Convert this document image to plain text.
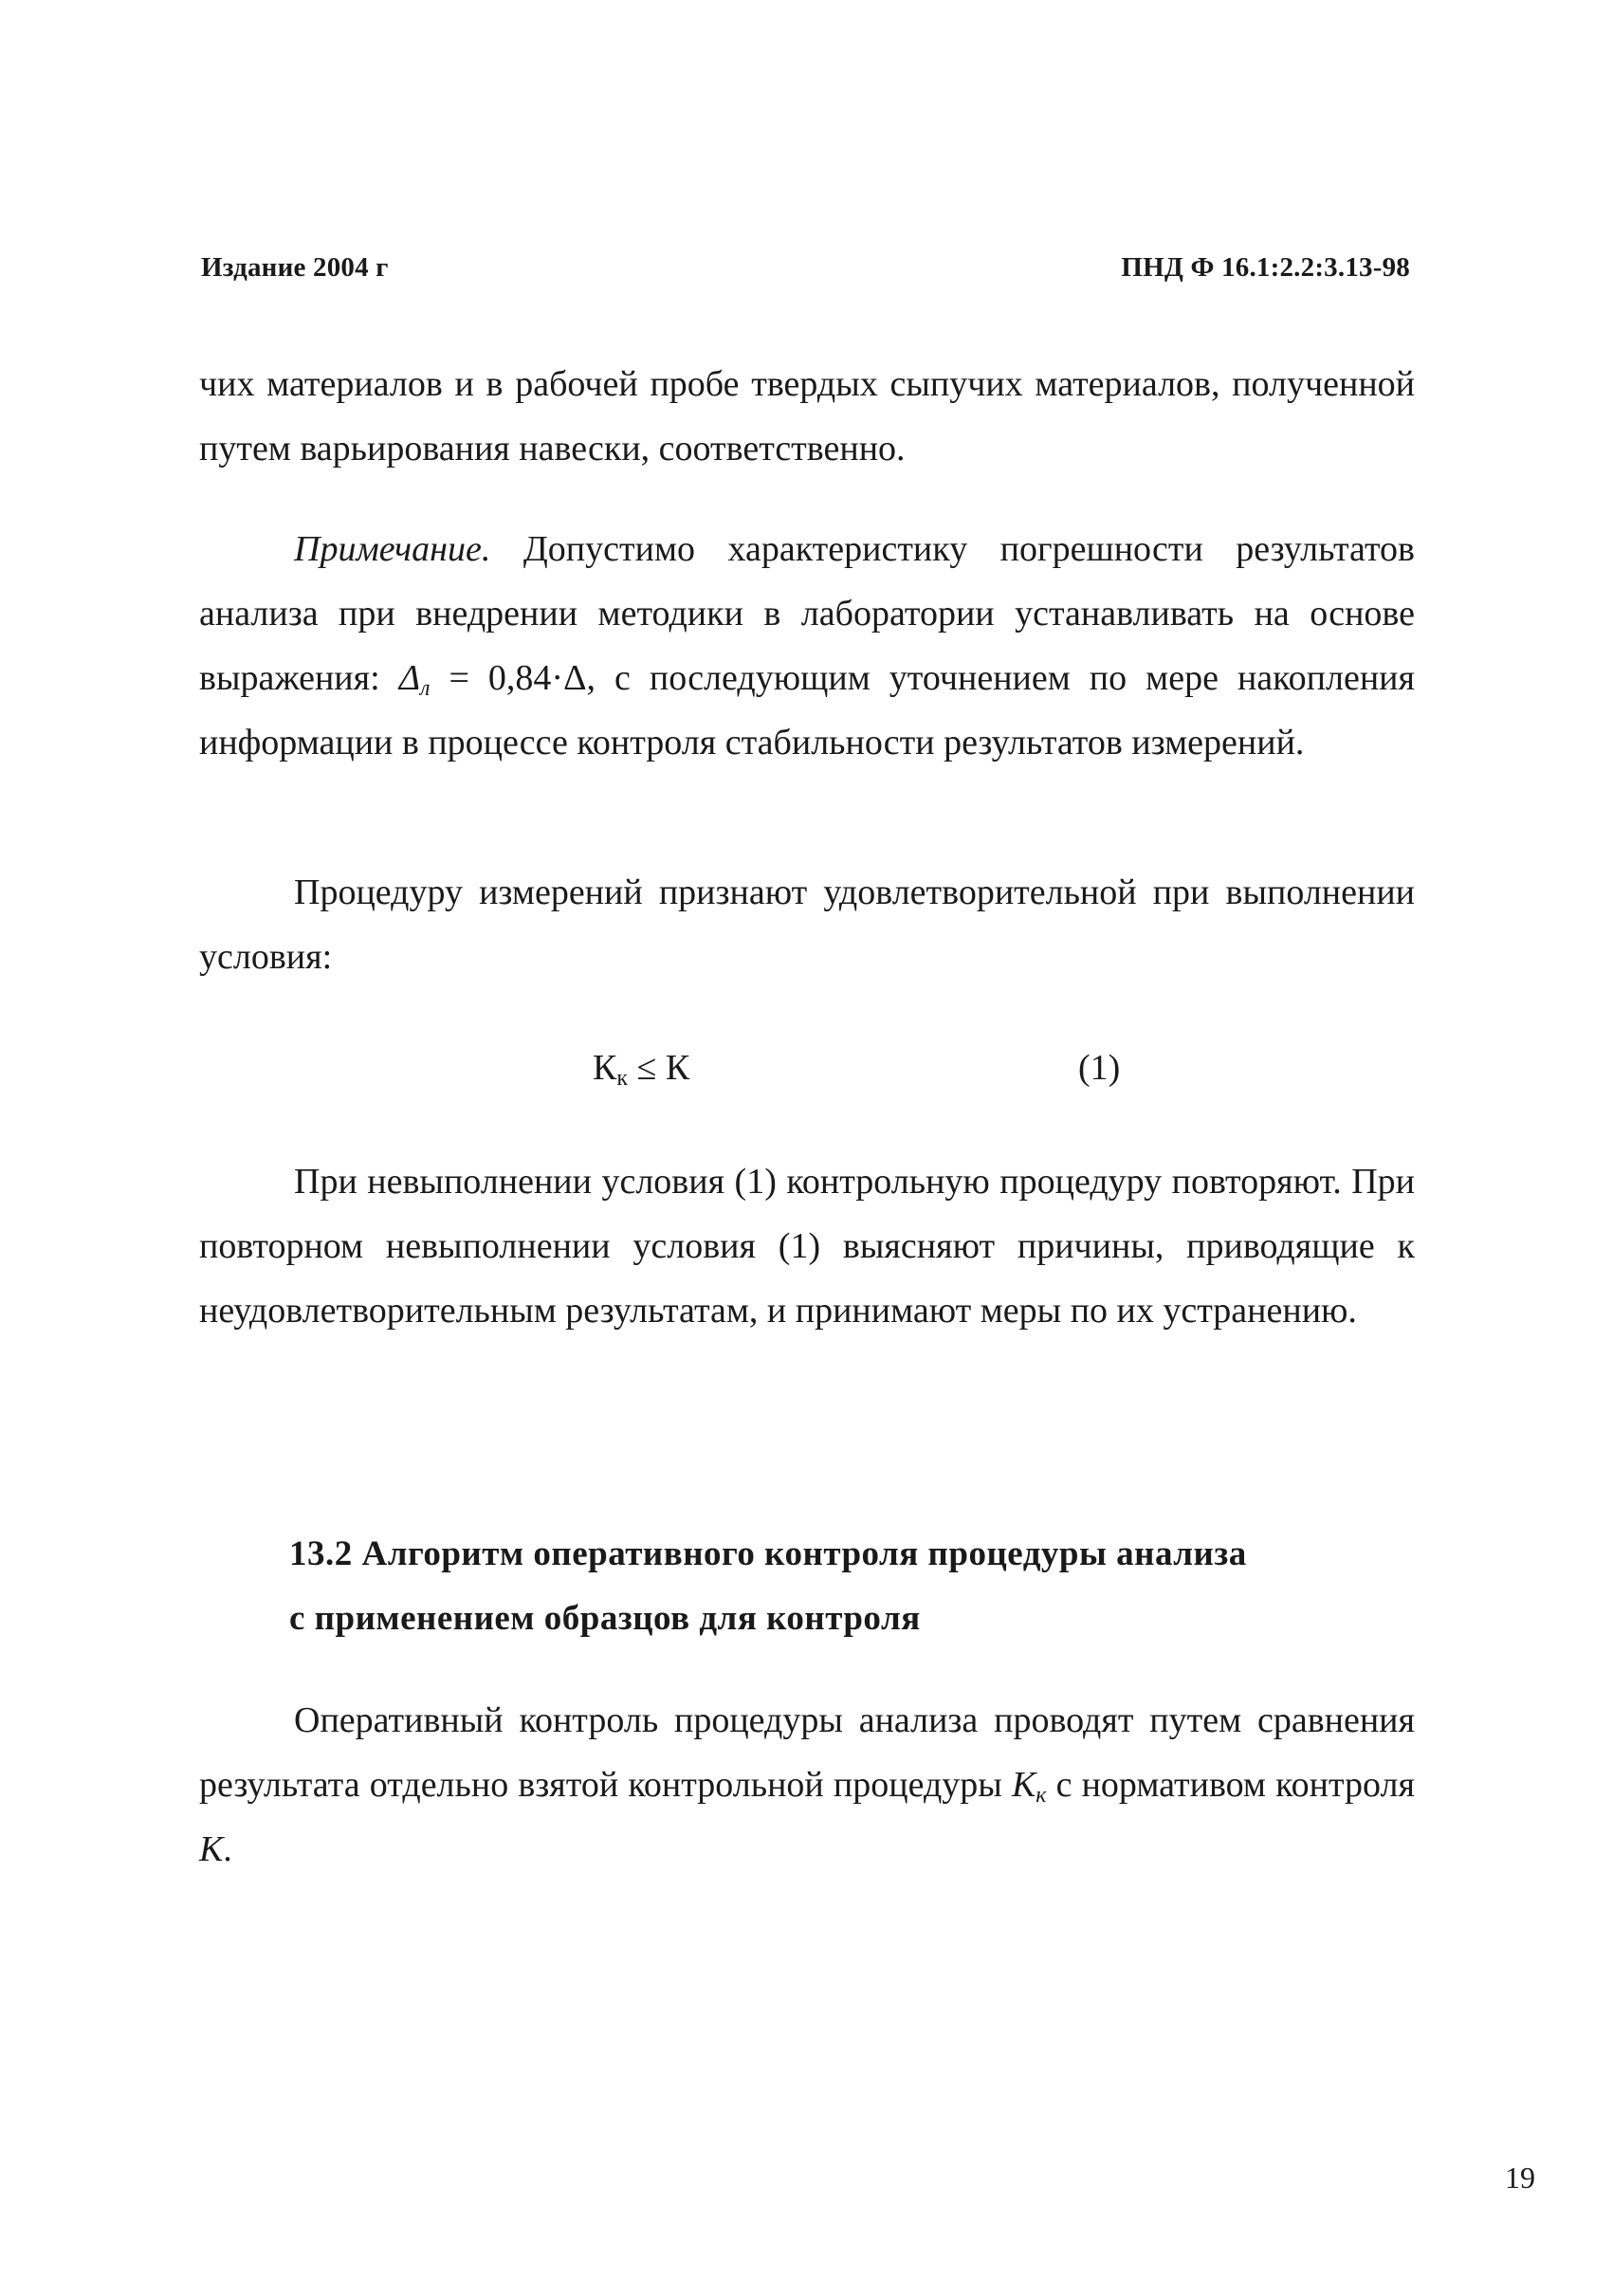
Издание 2004 г	ПНД Ф 16.1:2.2:3.13-98

чих материалов и в рабочей пробе твердых сыпучих материалов, полученной путем варьирования навески, соответственно.

Примечание. Допустимо характеристику погрешности результатов анализа при внедрении методики в лаборатории устанавливать на основе выражения: $\Delta_л = 0,84\cdot\Delta$, с последующим уточнением по мере накопления информации в процессе контроля стабильности результатов измерений.

Процедуру измерений признают удовлетворительной при выполнении условия:

$К_к \le К$	(1)

При невыполнении условия (1) контрольную процедуру повторяют. При повторном невыполнении условия (1) выясняют причины, приводящие к неудовлетворительным результатам, и принимают меры по их устранению.

13.2 Алгоритм оперативного контроля процедуры анализа
с применением образцов для контроля

Оперативный контроль процедуры анализа проводят путем сравнения результата отдельно взятой контрольной процедуры $К_к$ с нормативом контроля К.

19
